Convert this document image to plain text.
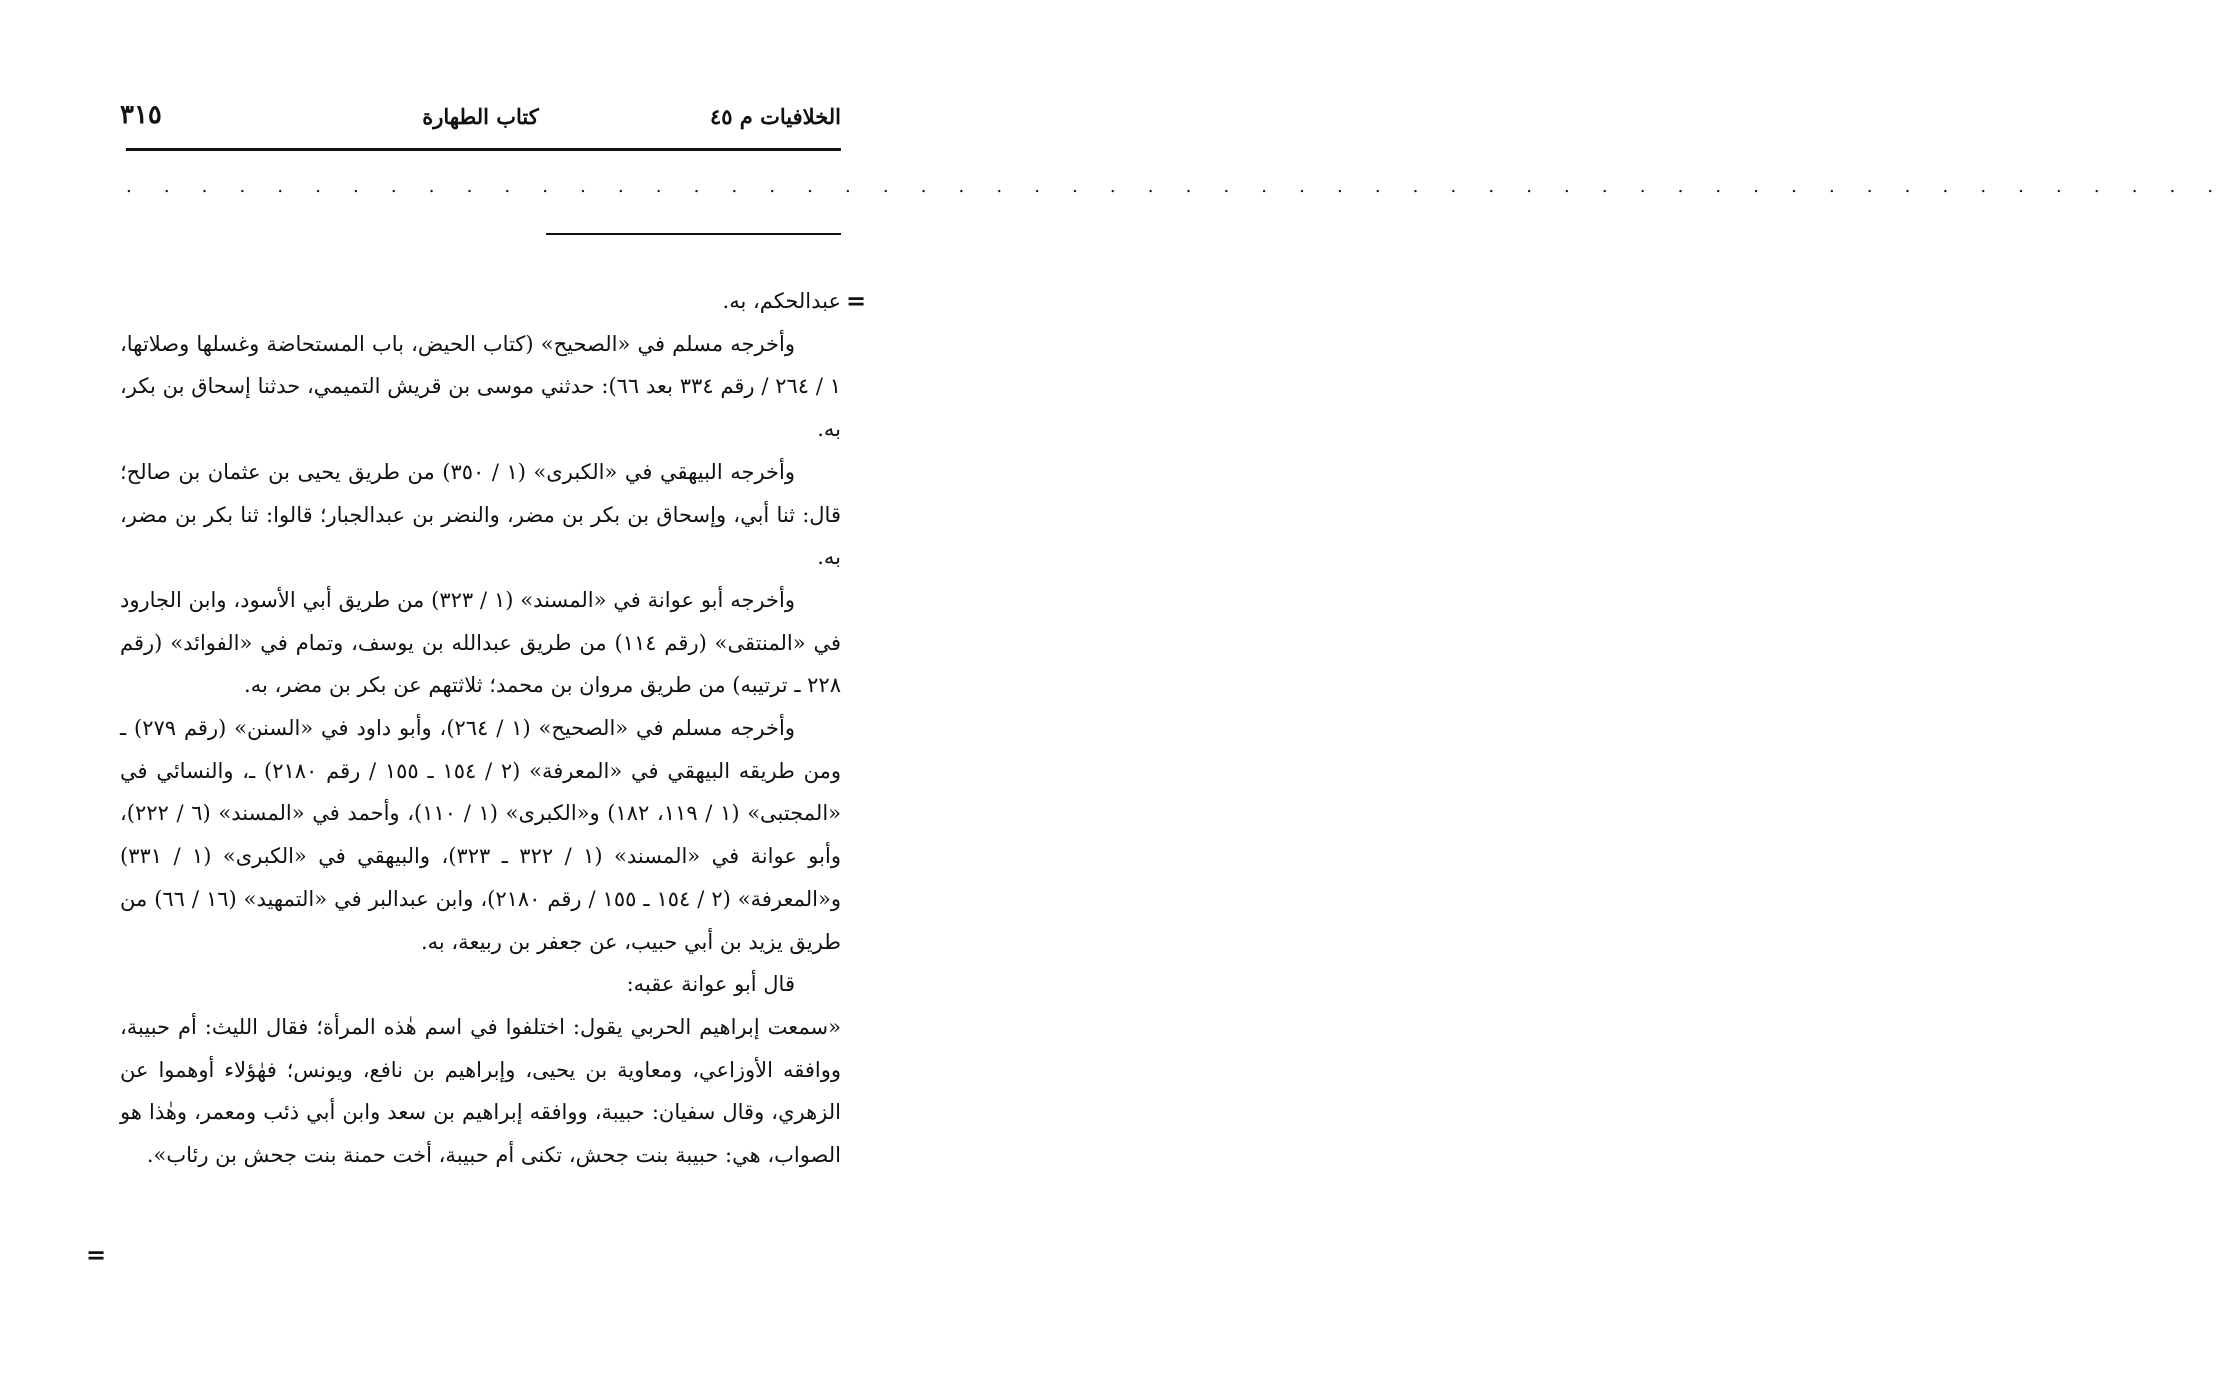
الخلافيات م ٤٥
كتاب الطهارة
٣١٥
. . . . . . . . . . . . . . . . . . . . . . . . . . . . . . . . . . . . . . . . . . . . . . . . . . . . . . . .
=

عبدالحكم، به.

وأخرجه مسلم في «الصحيح» (كتاب الحيض، باب المستحاضة وغسلها وصلاتها، ١ / ٢٦٤ / رقم ٣٣٤ بعد ٦٦): حدثني موسى بن قريش التميمي، حدثنا إسحاق بن بكر، به.

وأخرجه البيهقي في «الكبرى» (١ / ٣٥٠) من طريق يحيى بن عثمان بن صالح؛ قال: ثنا أبي، وإسحاق بن بكر بن مضر، والنضر بن عبدالجبار؛ قالوا: ثنا بكر بن مضر، به.

وأخرجه أبو عوانة في «المسند» (١ / ٣٢٣) من طريق أبي الأسود، وابن الجارود في «المنتقى» (رقم ١١٤) من طريق عبدالله بن يوسف، وتمام في «الفوائد» (رقم ٢٢٨ ـ ترتيبه) من طريق مروان بن محمد؛ ثلاثتهم عن بكر بن مضر، به.

وأخرجه مسلم في «الصحيح» (١ / ٢٦٤)، وأبو داود في «السنن» (رقم ٢٧٩) ـ ومن طريقه البيهقي في «المعرفة» (٢ / ١٥٤ ـ ١٥٥ / رقم ٢١٨٠) ـ، والنسائي في «المجتبى» (١ / ١١٩، ١٨٢) و«الكبرى» (١ / ١١٠)، وأحمد في «المسند» (٦ / ٢٢٢)، وأبو عوانة في «المسند» (١ / ٣٢٢ ـ ٣٢٣)، والبيهقي في «الكبرى» (١ / ٣٣١) و«المعرفة» (٢ / ١٥٤ ـ ١٥٥ / رقم ٢١٨٠)، وابن عبدالبر في «التمهيد» (١٦ / ٦٦) من طريق يزيد بن أبي حبيب، عن جعفر بن ربيعة، به.

قال أبو عوانة عقبه:

«سمعت إبراهيم الحربي يقول: اختلفوا في اسم هٰذه المرأة؛ فقال الليث: أم حبيبة، ووافقه الأوزاعي، ومعاوية بن يحيى، وإبراهيم بن نافع، ويونس؛ فهٰؤلاء أوهموا عن الزهري، وقال سفيان: حبيبة، ووافقه إبراهيم بن سعد وابن أبي ذئب ومعمر، وهٰذا هو الصواب، هي: حبيبة بنت جحش، تكنى أم حبيبة، أخت حمنة بنت جحش بن رئاب».

=
